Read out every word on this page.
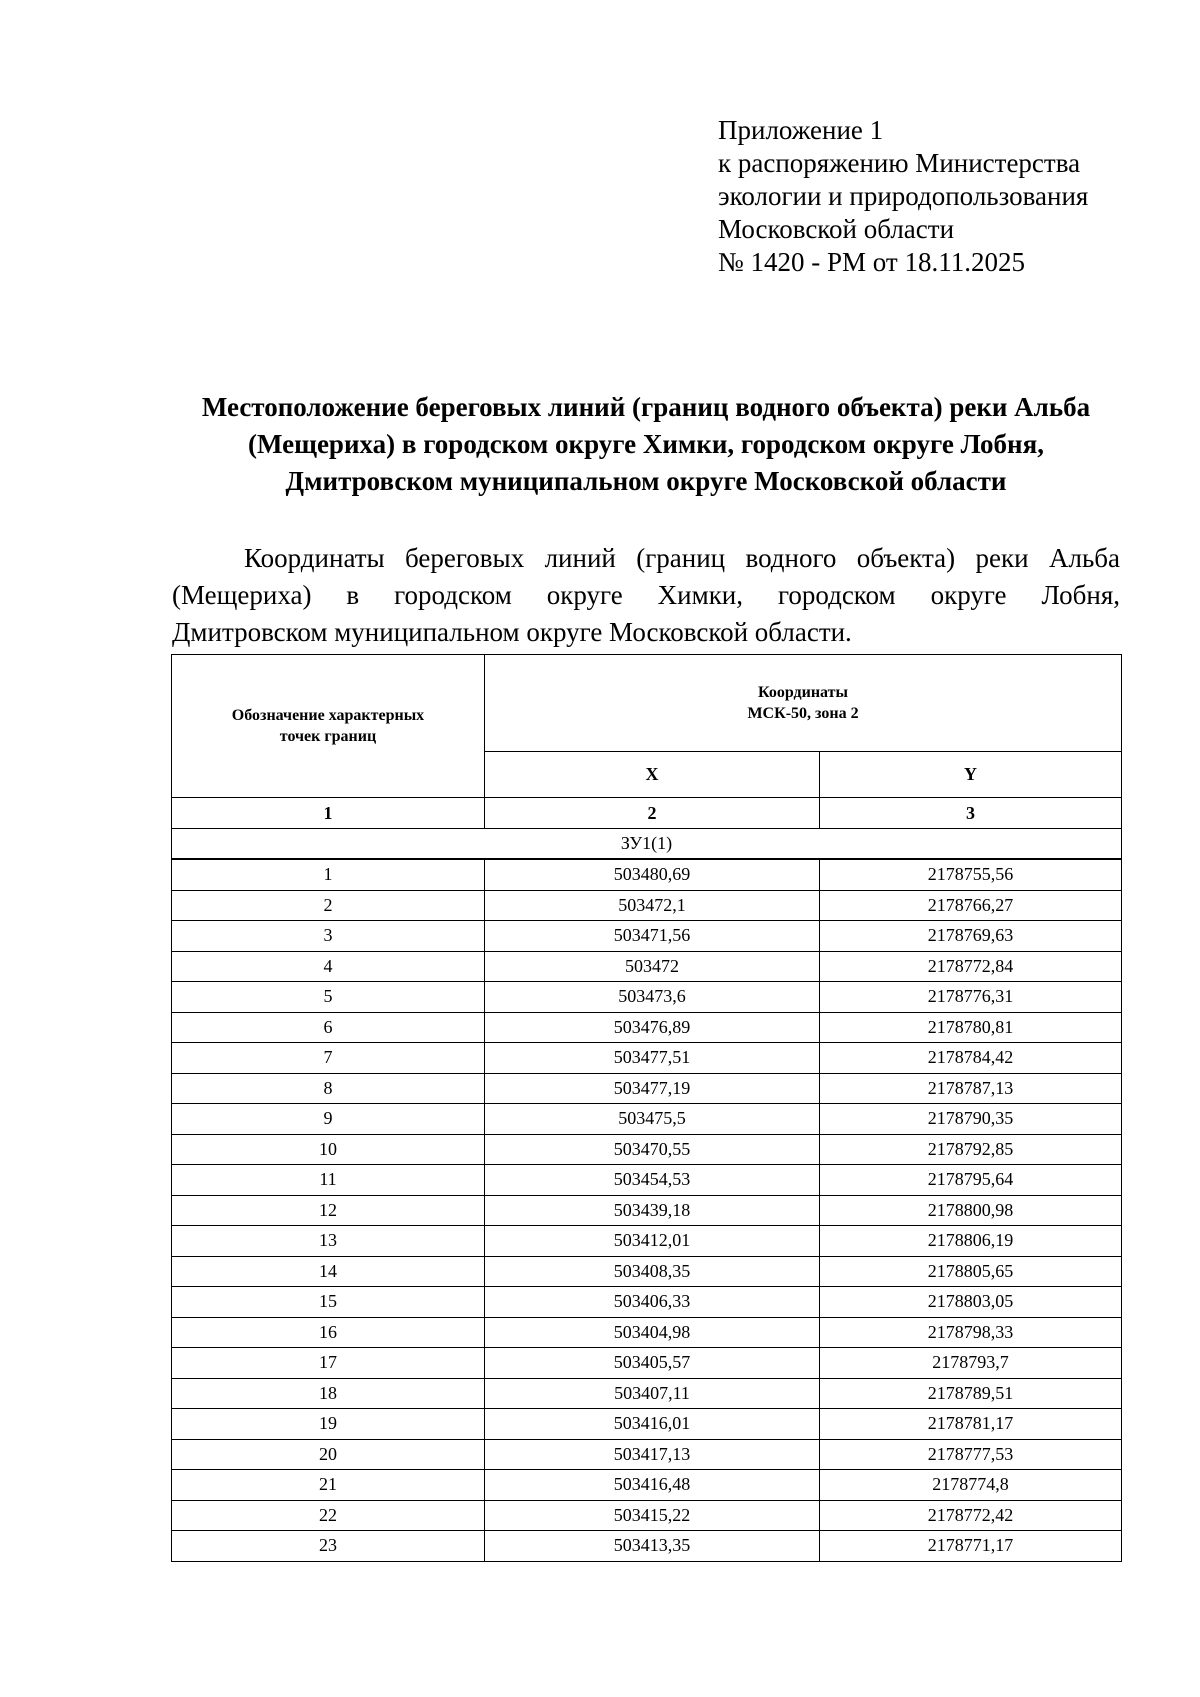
Приложение 1
к распоряжению Министерства
экологии и природопользования
Московской области
№ 1420 - РМ от 18.11.2025
Местоположение береговых линий (границ водного объекта) реки Альба
(Мещериха) в городском округе Химки, городском округе Лобня,
Дмитровском муниципальном округе Московской области
Координаты береговых линий (границ водного объекта) реки Альба
(Мещериха) в городском округе Химки, городском округе Лобня,
Дмитровском муниципальном округе Московской области.
Обозначение характерных
точек границ	Координаты
МСК-50, зона 2	
	X	Y
1	2	3
ЗУ1(1)		
1	503480,69	2178755,56
2	503472,1	2178766,27
3	503471,56	2178769,63
4	503472	2178772,84
5	503473,6	2178776,31
6	503476,89	2178780,81
7	503477,51	2178784,42
8	503477,19	2178787,13
9	503475,5	2178790,35
10	503470,55	2178792,85
11	503454,53	2178795,64
12	503439,18	2178800,98
13	503412,01	2178806,19
14	503408,35	2178805,65
15	503406,33	2178803,05
16	503404,98	2178798,33
17	503405,57	2178793,7
18	503407,11	2178789,51
19	503416,01	2178781,17
20	503417,13	2178777,53
21	503416,48	2178774,8
22	503415,22	2178772,42
23	503413,35	2178771,17
